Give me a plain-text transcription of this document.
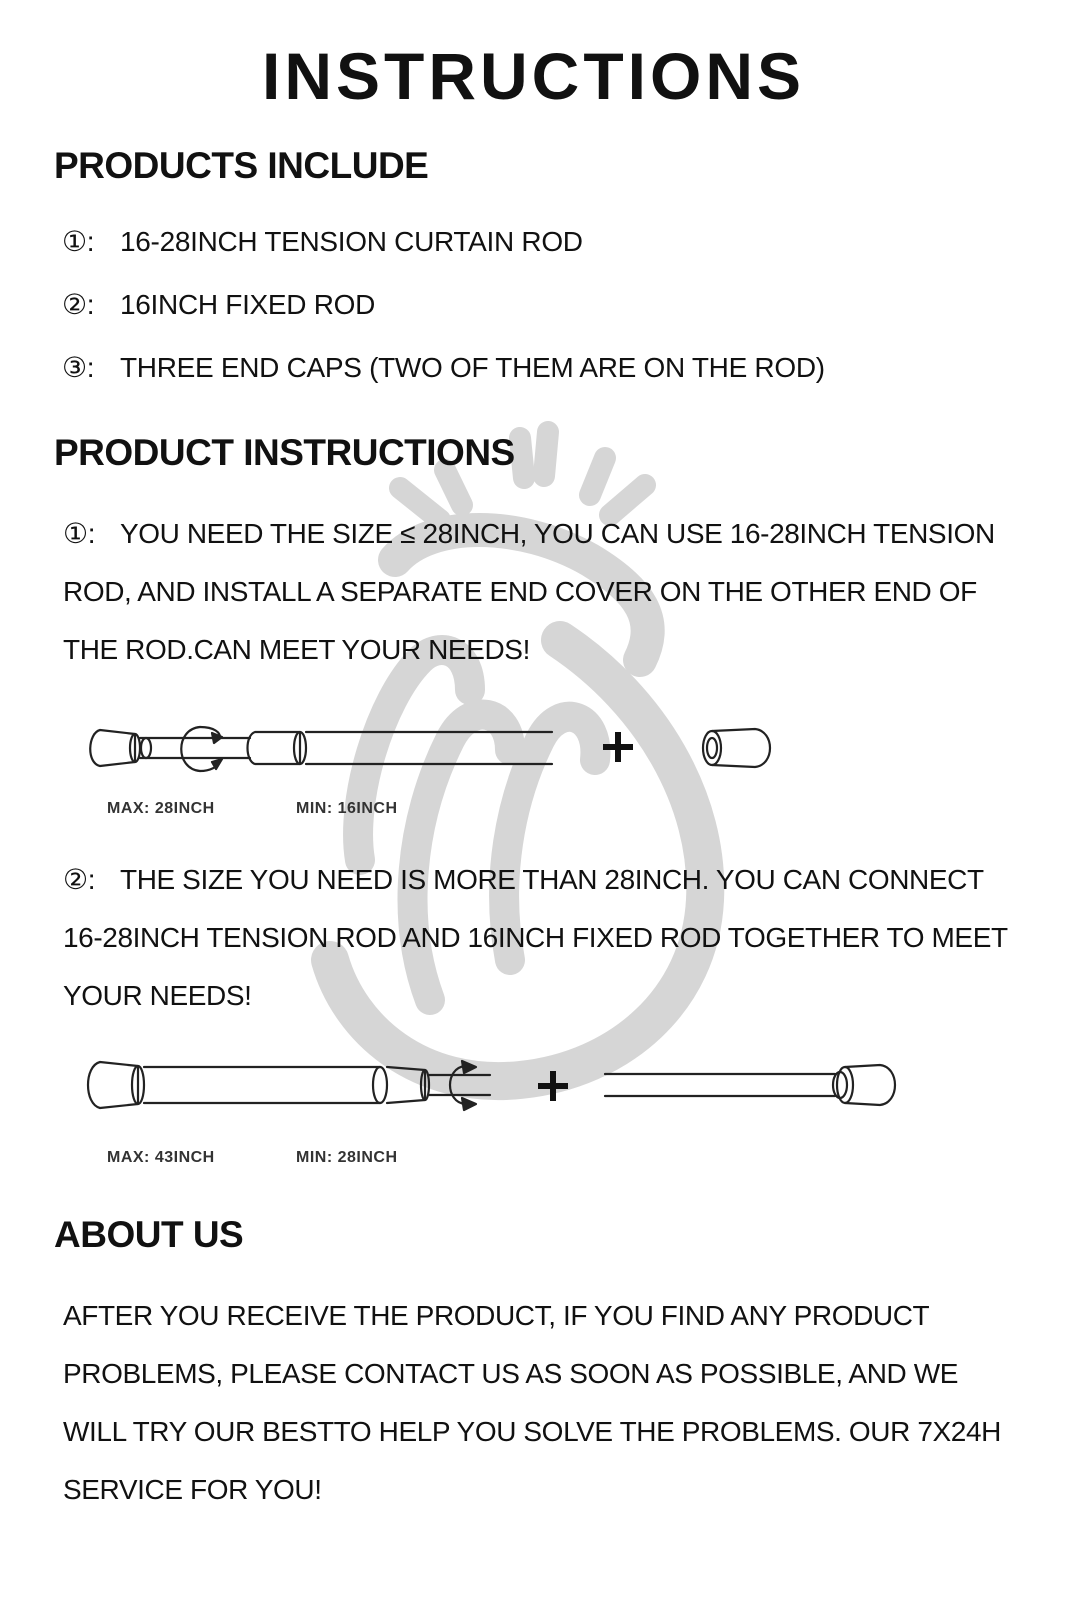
INSTRUCTIONS
PRODUCTS INCLUDE
①: 16-28INCH TENSION CURTAIN ROD
②: 16INCH FIXED ROD
③: THREE END CAPS (TWO OF THEM ARE ON THE ROD)
PRODUCT INSTRUCTIONS

①: YOU NEED THE SIZE ≤ 28INCH, YOU CAN USE 16-28INCH TENSION ROD, AND INSTALL A SEPARATE END COVER ON THE OTHER END OF THE ROD.CAN MEET YOUR NEEDS!

MAX: 28INCH	MIN: 16INCH

②: THE SIZE YOU NEED IS MORE THAN 28INCH. YOU CAN CONNECT 16-28INCH TENSION ROD AND 16INCH FIXED ROD TOGETHER TO MEET YOUR NEEDS!

MAX: 43INCH	MIN: 28INCH
ABOUT US

AFTER YOU RECEIVE THE PRODUCT, IF YOU FIND ANY PRODUCT PROBLEMS, PLEASE CONTACT US AS SOON AS POSSIBLE, AND WE WILL TRY OUR BESTTO HELP YOU SOLVE THE PROBLEMS. OUR 7X24H SERVICE FOR YOU!
